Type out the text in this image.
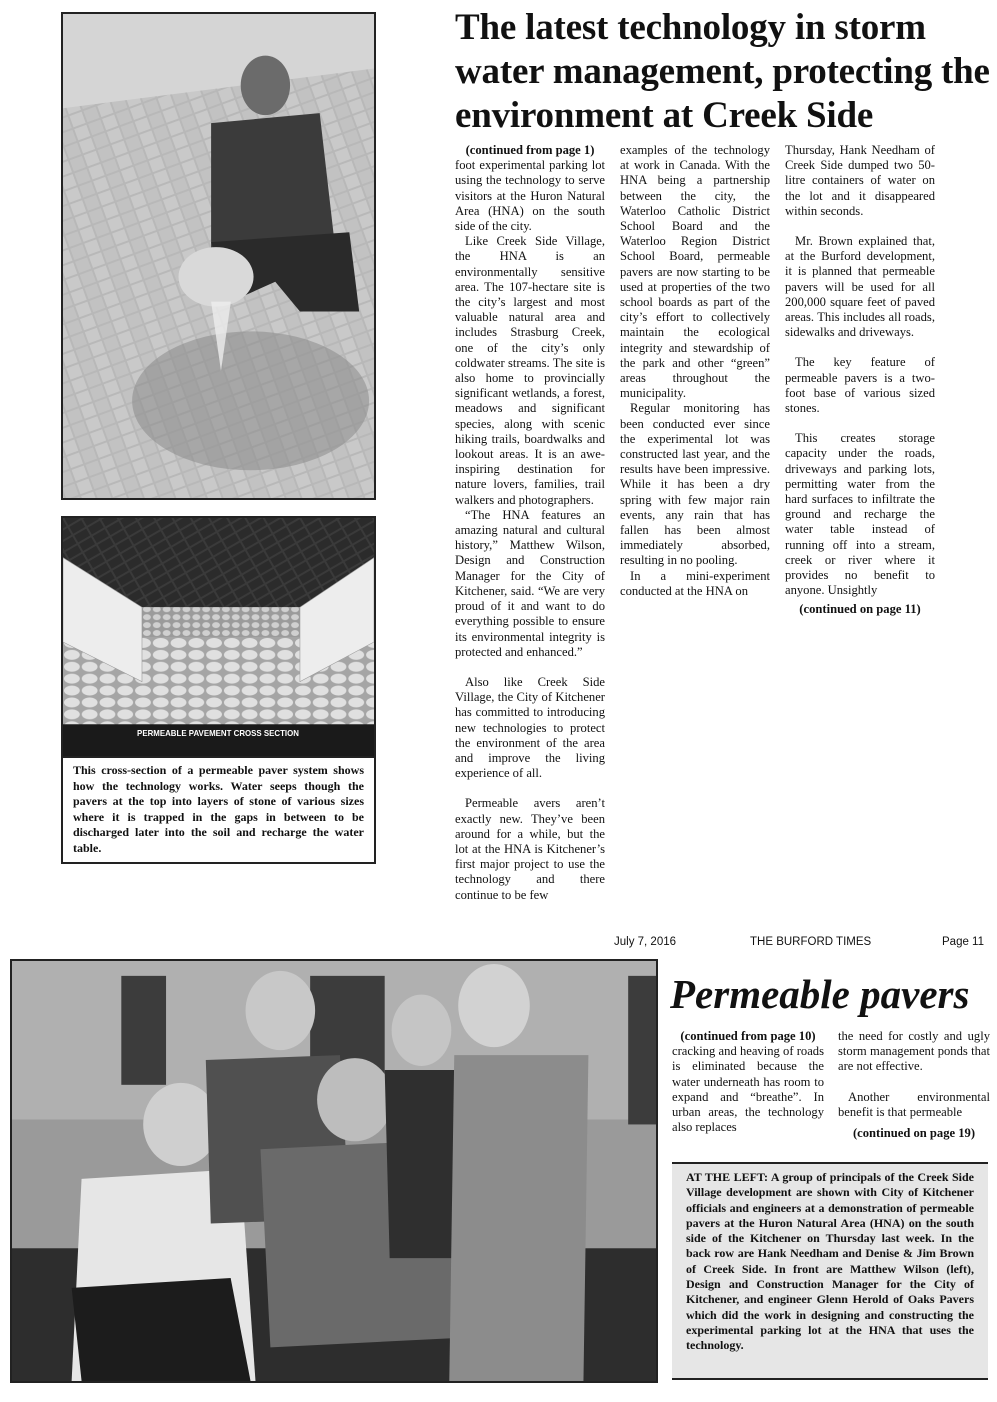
PERMEABLE PAVEMENT CROSS SECTION
This cross-section of a permeable paver system shows how the technology works. Water seeps though the pavers at the top into layers of stone of various sizes where it is trapped in the gaps in between to be discharged later into the soil and recharge the water table.
The latest technology in storm water management, protecting the environment at Creek Side
(continued from page 1)

foot experimental parking lot using the technology to serve visitors at the Huron Natural Area (HNA) on the south side of the city.

Like Creek Side Village, the HNA is an environmentally sensitive area. The 107-hectare site is the city’s largest and most valuable natural area and includes Strasburg Creek, one of the city’s only coldwater streams. The site is also home to provincially significant wetlands, a forest, meadows and significant species, along with scenic hiking trails, boardwalks and lookout areas. It is an awe-inspiring destination for nature lovers, families, trail walkers and photographers.

“The HNA features an amazing natural and cultural history,” Matthew Wilson, Design and Construction Manager for the City of Kitchener, said. “We are very proud of it and want to do everything possible to ensure its environmental integrity is protected and enhanced.”

Also like Creek Side Village, the City of Kitchener has committed to introducing new technologies to protect the environment of the area and improve the living experience of all.

Permeable avers aren’t exactly new. They’ve been around for a while, but the lot at the HNA is Kitchener’s first major project to use the technology and there continue to be few

examples of the technology at work in Canada. With the HNA being a partnership between the city, the Waterloo Catholic District School Board and the Waterloo Region District School Board, permeable pavers are now starting to be used at properties of the two school boards as part of the city’s effort to collectively maintain the ecological integrity and stewardship of the park and other “green” areas throughout the municipality.

Regular monitoring has been conducted ever since the experimental lot was constructed last year, and the results have been impressive. While it has been a dry spring with few major rain events, any rain that has fallen has been almost immediately absorbed, resulting in no pooling.

In a mini-experiment conducted at the HNA on

Thursday, Hank Needham of Creek Side dumped two 50-litre containers of water on the lot and it disappeared within seconds.

Mr. Brown explained that, at the Burford development, it is planned that permeable pavers will be used for all 200,000 square feet of paved areas. This includes all roads, sidewalks and driveways.

The key feature of permeable pavers is a two-foot base of various sized stones.

This creates storage capacity under the roads, driveways and parking lots, permitting water from the hard surfaces to infiltrate the ground and recharge the water table instead of running off into a stream, creek or river where it provides no benefit to anyone. Unsightly

(continued on page 11)
July 7, 2016	THE BURFORD TIMES	Page 11
Permeable pavers
(continued from page 10)

cracking and heaving of roads is eliminated because the water underneath has room to expand and “breathe”. In urban areas, the technology also replaces

the need for costly and ugly storm management ponds that are not effective.

Another environmental benefit is that permeable

(continued on page 19)
AT THE LEFT: A group of principals of the Creek Side Village development are shown with City of Kitchener officials and engineers at a demonstration of permeable pavers at the Huron Natural Area (HNA) on the south side of the Kitchener on Thursday last week. In the back row are Hank Needham and Denise & Jim Brown of Creek Side. In front are Matthew Wilson (left), Design and Construction Manager for the City of Kitchener, and engineer Glenn Herold of Oaks Pavers which did the work in designing and constructing the experimental parking lot at the HNA that uses the technology.
